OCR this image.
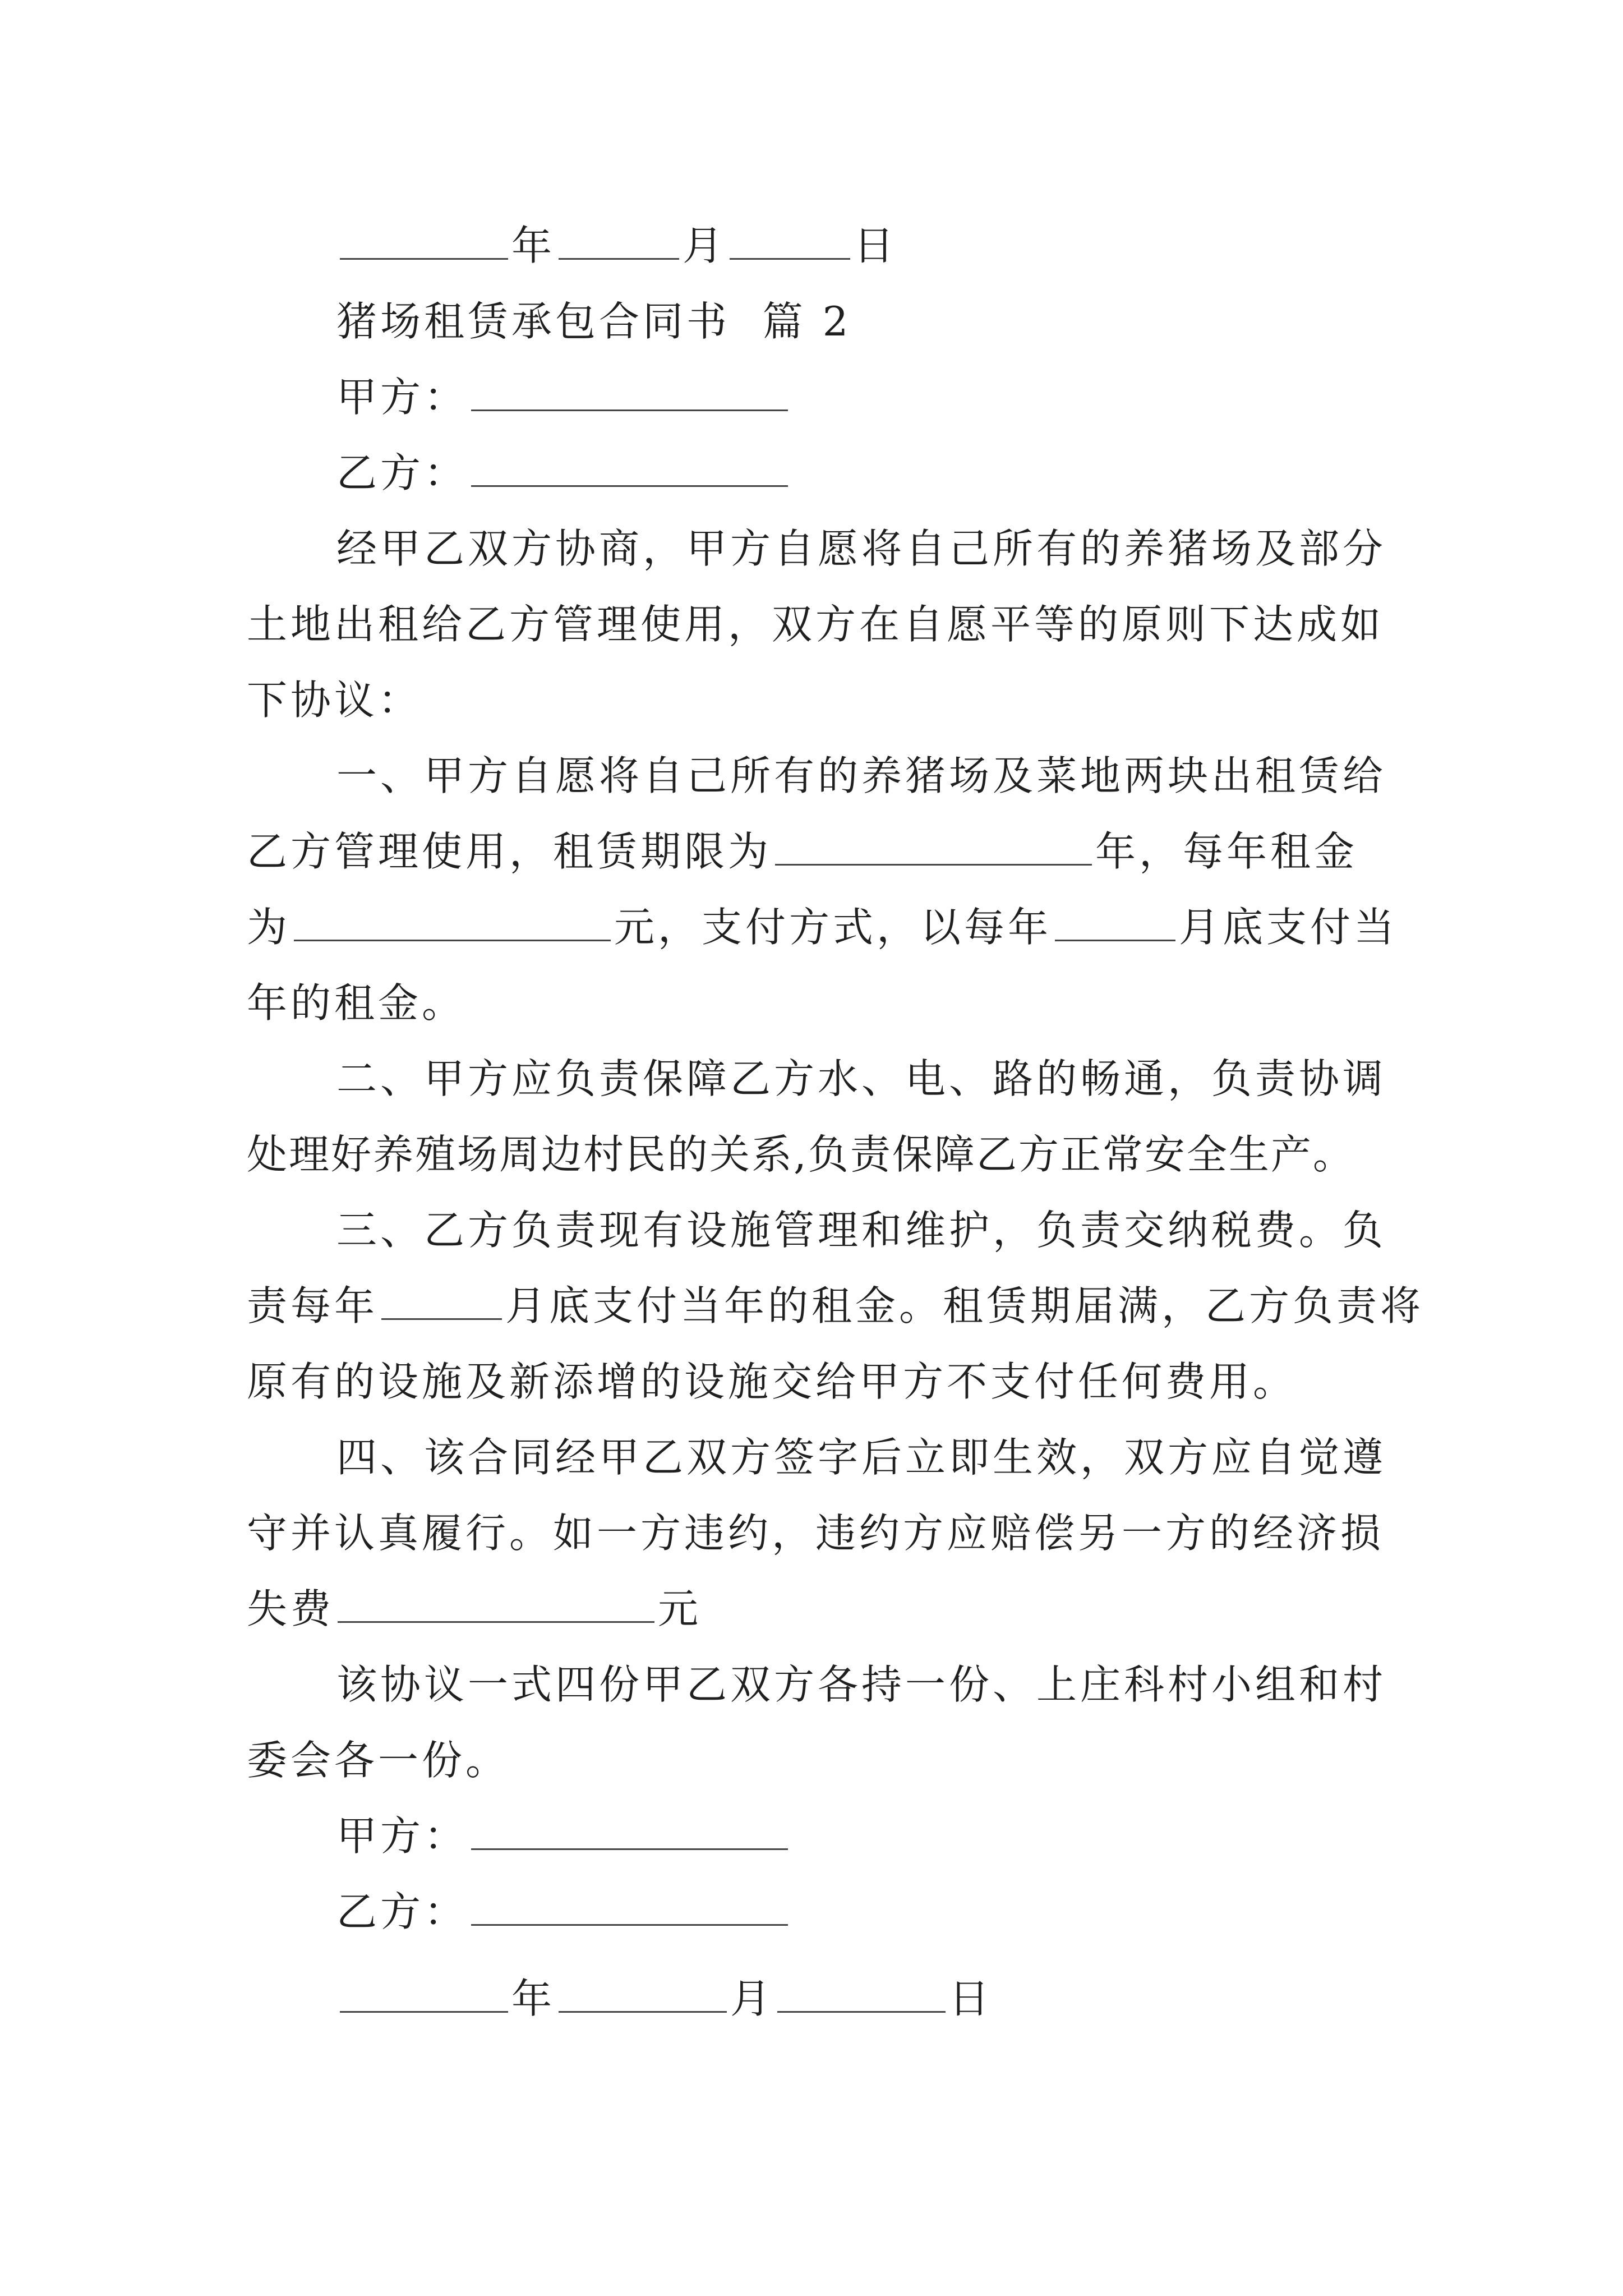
年	月	日
猪场租赁承包合同书  篇 2
甲方：
乙方：
经甲乙双方协商，甲方自愿将自己所有的养猪场及部分
土地出租给乙方管理使用，双方在自愿平等的原则下达成如
下协议：
一、甲方自愿将自己所有的养猪场及菜地两块出租赁给
乙方管理使用，租赁期限为	年，每年租金
为	元，支付方式，以每年	月底支付当
年的租金。
二、甲方应负责保障乙方水、电、路的畅通，负责协调
处理好养殖场周边村民的关系,负责保障乙方正常安全生产。
三、乙方负责现有设施管理和维护，负责交纳税费。负
责每年	月底支付当年的租金。租赁期届满，乙方负责将
原有的设施及新添增的设施交给甲方不支付任何费用。
四、该合同经甲乙双方签字后立即生效，双方应自觉遵
守并认真履行。如一方违约，违约方应赔偿另一方的经济损
失费	元
该协议一式四份甲乙双方各持一份、上庄科村小组和村
委会各一份。
甲方：
乙方：
年	月	日
